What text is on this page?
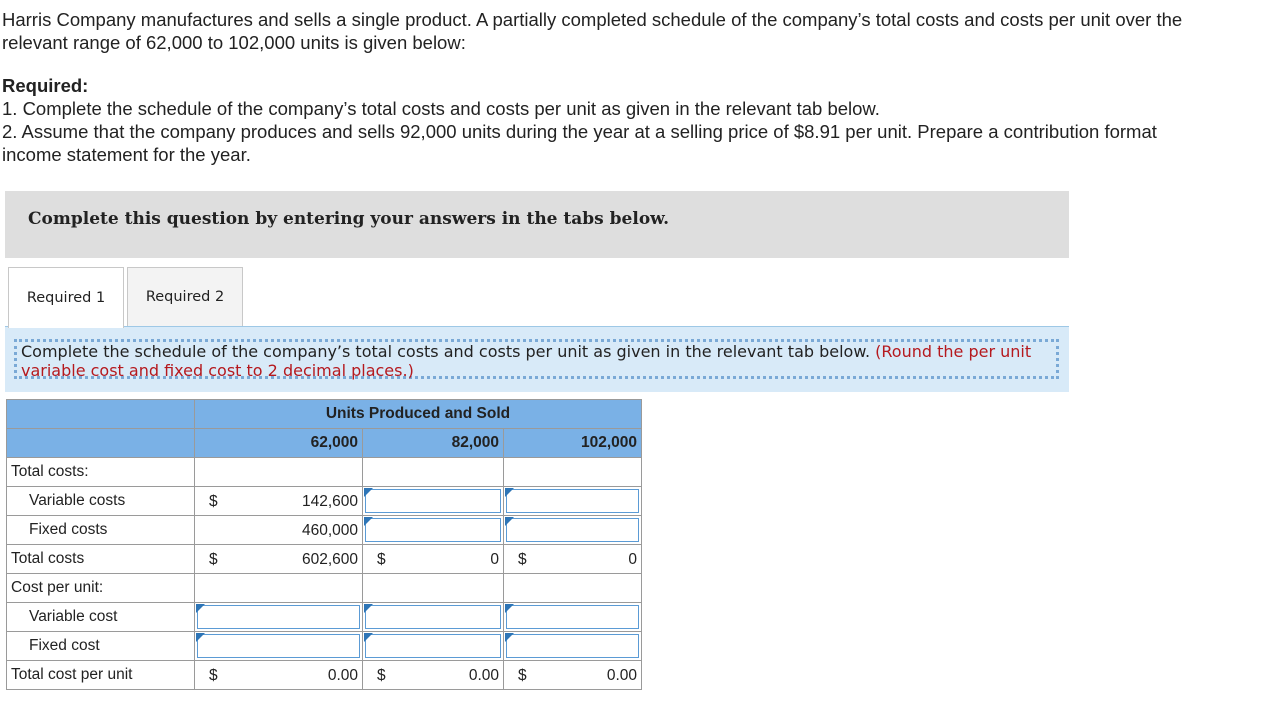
Harris Company manufactures and sells a single product. A partially completed schedule of the company’s total costs and costs per unit over the relevant range of 62,000 to 102,000 units is given below:
Required:
1. Complete the schedule of the company’s total costs and costs per unit as given in the relevant tab below.
2. Assume that the company produces and sells 92,000 units during the year at a selling price of $8.91 per unit. Prepare a contribution format income statement for the year.
Complete this question by entering your answers in the tabs below.
Required 1	Required 2
Complete the schedule of the company’s total costs and costs per unit as given in the relevant tab below. (Round the per unit variable cost and fixed cost to 2 decimal places.)
	Units Produced and Sold		
	62,000	82,000	102,000
Total costs:			
Variable costs	$ 142,600		

Fixed costs	460,000		

Total costs	$ 602,600	$ 0	$ 0

Cost per unit:			
Variable cost	

Fixed cost	

Total cost per unit	$ 0.00	$ 0.00	$ 0.00
